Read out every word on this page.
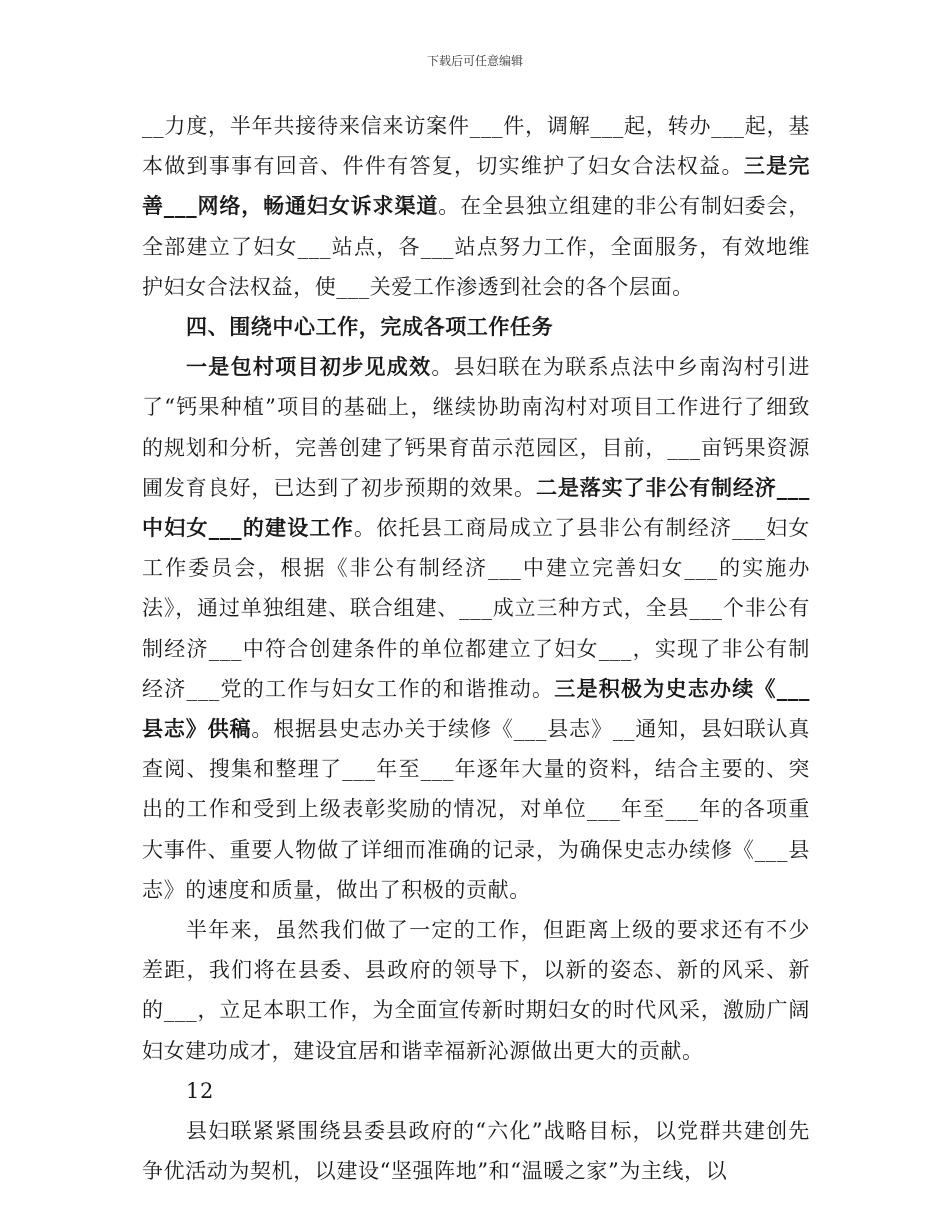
下载后可任意编辑

__力度，半年共接待来信来访案件___件，调解___起，转办___起，基本做到事事有回音、件件有答复，切实维护了妇女合法权益。三是完善___网络，畅通妇女诉求渠道。在全县独立组建的非公有制妇委会，全部建立了妇女___站点，各___站点努力工作，全面服务，有效地维护妇女合法权益，使___关爱工作渗透到社会的各个层面。

四、围绕中心工作，完成各项工作任务

一是包村项目初步见成效。县妇联在为联系点法中乡南沟村引进了“钙果种植”项目的基础上，继续协助南沟村对项目工作进行了细致的规划和分析，完善创建了钙果育苗示范园区，目前，___亩钙果资源圃发育良好，已达到了初步预期的效果。二是落实了非公有制经济___中妇女___的建设工作。依托县工商局成立了县非公有制经济___妇女工作委员会，根据《非公有制经济___中建立完善妇女___的实施办法》，通过单独组建、联合组建、___成立三种方式，全县___个非公有制经济___中符合创建条件的单位都建立了妇女___，实现了非公有制经济___党的工作与妇女工作的和谐推动。三是积极为史志办续《___县志》供稿。根据县史志办关于续修《___县志》__通知，县妇联认真查阅、搜集和整理了___年至___年逐年大量的资料，结合主要的、突出的工作和受到上级表彰奖励的情况，对单位___年至___年的各项重大事件、重要人物做了详细而准确的记录，为确保史志办续修《___县志》的速度和质量，做出了积极的贡献。

半年来，虽然我们做了一定的工作，但距离上级的要求还有不少差距，我们将在县委、县政府的领导下，以新的姿态、新的风采、新的___，立足本职工作，为全面宣传新时期妇女的时代风采，激励广阔妇女建功成才，建设宜居和谐幸福新沁源做出更大的贡献。

12

县妇联紧紧围绕县委县政府的“六化”战略目标，以党群共建创先争优活动为契机，以建设“坚强阵地”和“温暖之家”为主线，以
